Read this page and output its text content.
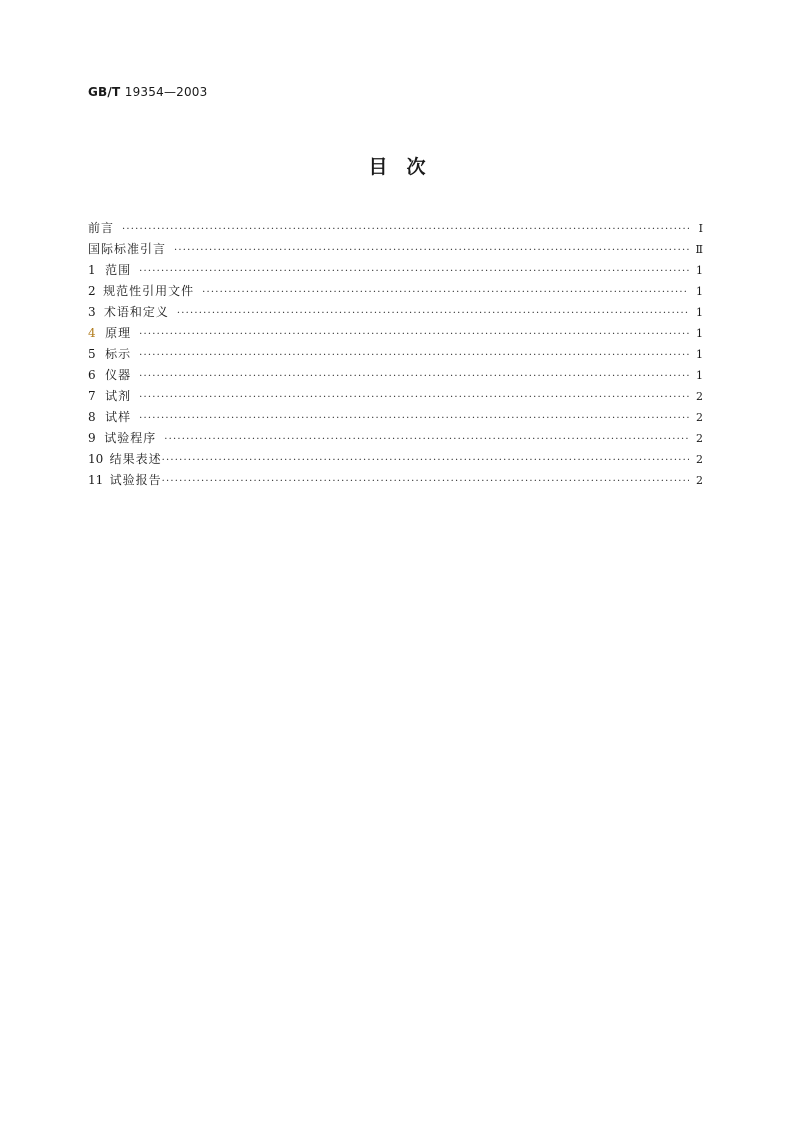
GB/T 19354—2003
目　次
前言 ·····	Ⅰ
国际标准引言 ·····	Ⅱ
1 范围 ·····	1
2 规范性引用文件 ·····	1
3 术语和定义 ·····	1
4 原理 ·····	1
5 标示 ·····	1
6 仪器 ·····	1
7 试剂 ·····	2
8 试样 ·····	2
9 试验程序 ·····	2
10 结果表述 ·····	2
11 试验报告 ·····	2
